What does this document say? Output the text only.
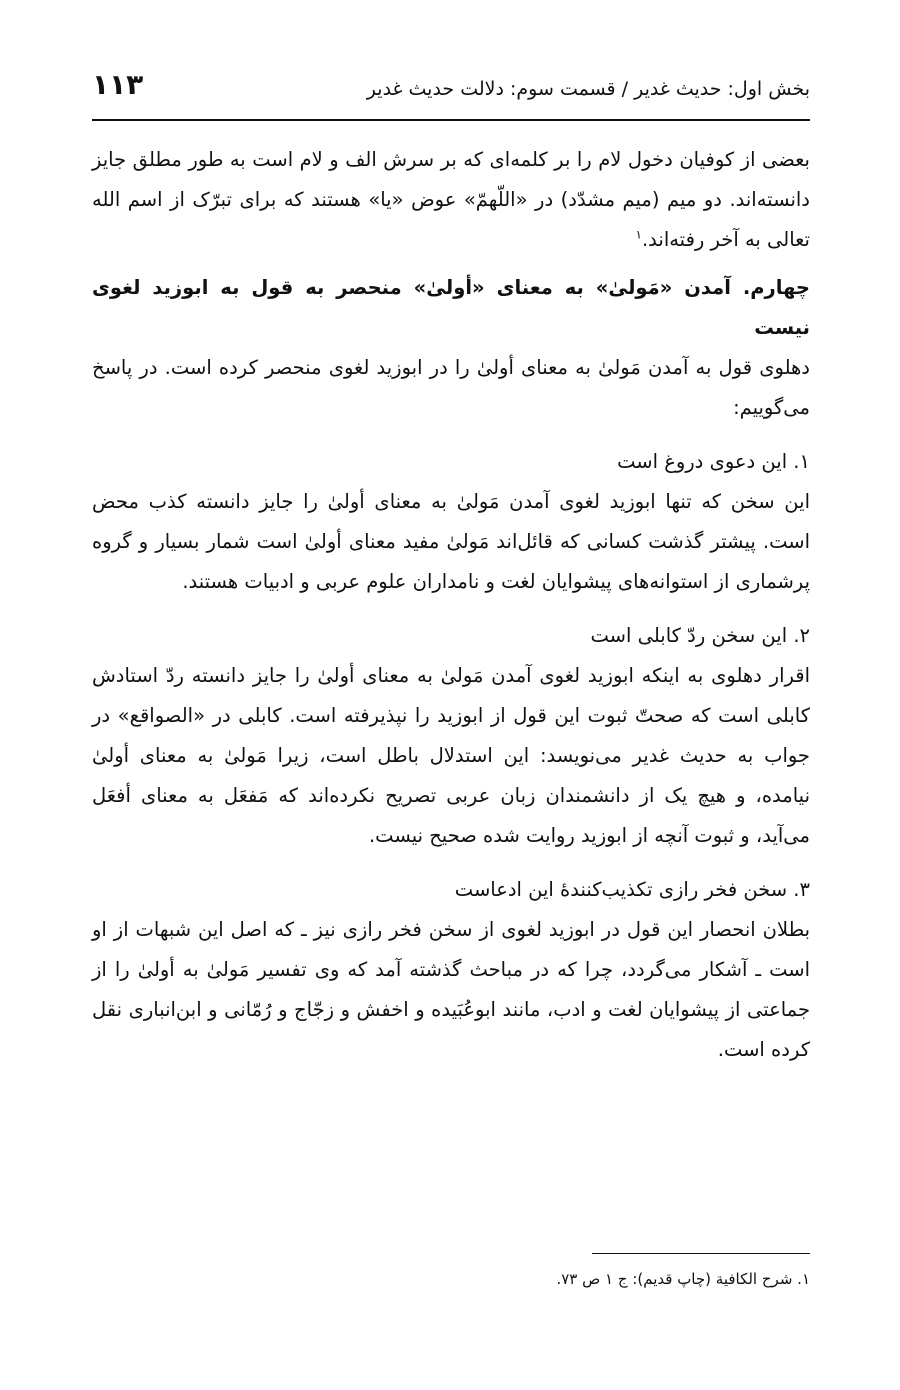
بخش اول: حدیث غدیر / قسمت سوم: دلالت حدیث غدیر
۱۱۳

بعضی از کوفیان دخول لام را بر کلمه‌ای که بر سرش الف و لام است به طور مطلق جایز دانسته‌اند. دو میم (میم مشدّد) در «اللّهمّ» عوض «یا» هستند که برای تبرّک از اسم الله تعالی به آخر رفته‌اند.$^۱$

چهارم. آمدن «مَولیٰ» به معنای «أولیٰ» منحصر به قول به ابوزید لغوی نیست

دهلوی قول به آمدن مَولیٰ به معنای أولیٰ را در ابوزید لغوی منحصر کرده است. در پاسخ می‌گوییم:

۱. این دعوی دروغ است

این سخن که تنها ابوزید لغوی آمدن مَولیٰ به معنای أولیٰ را جایز دانسته کذب محض است. پیشتر گذشت کسانی که قائل‌اند مَولیٰ مفید معنای أولیٰ است شمار بسیار و گروه پرشماری از استوانه‌های پیشوایان لغت و نامداران علوم عربی و ادبیات هستند.

۲. این سخن ردّ کابلی است

اقرار دهلوی به اینکه ابوزید لغوی آمدن مَولیٰ به معنای أولیٰ را جایز دانسته ردّ استادش کابلی است که صحتّ ثبوت این قول از ابوزید را نپذیرفته است. کابلی در «الصواقع» در جواب به حدیث غدیر می‌نویسد: این استدلال باطل است، زیرا مَولیٰ به معنای أولیٰ نیامده، و هیچ یک از دانشمندان زبان عربی تصریح نکرده‌اند که مَفعَل به معنای أفعَل می‌آید، و ثبوت آنچه از ابوزید روایت شده صحیح نیست.

۳. سخن فخر رازی تکذیب‌کنندهٔ این ادعاست

بطلان انحصار این قول در ابوزید لغوی از سخن فخر رازی نیز ـ که اصل این شبهات از او است ـ آشکار می‌گردد، چرا که در مباحث گذشته آمد که وی تفسیر مَولیٰ به أولیٰ را از جماعتی از پیشوایان لغت و ادب، مانند ابوعُبَیده و اخفش و زجّاج و رُمّانی و ابن‌انباری نقل کرده است.

۱. شرح الکافیة (چاپ قدیم): ج ۱ ص ۷۳.
